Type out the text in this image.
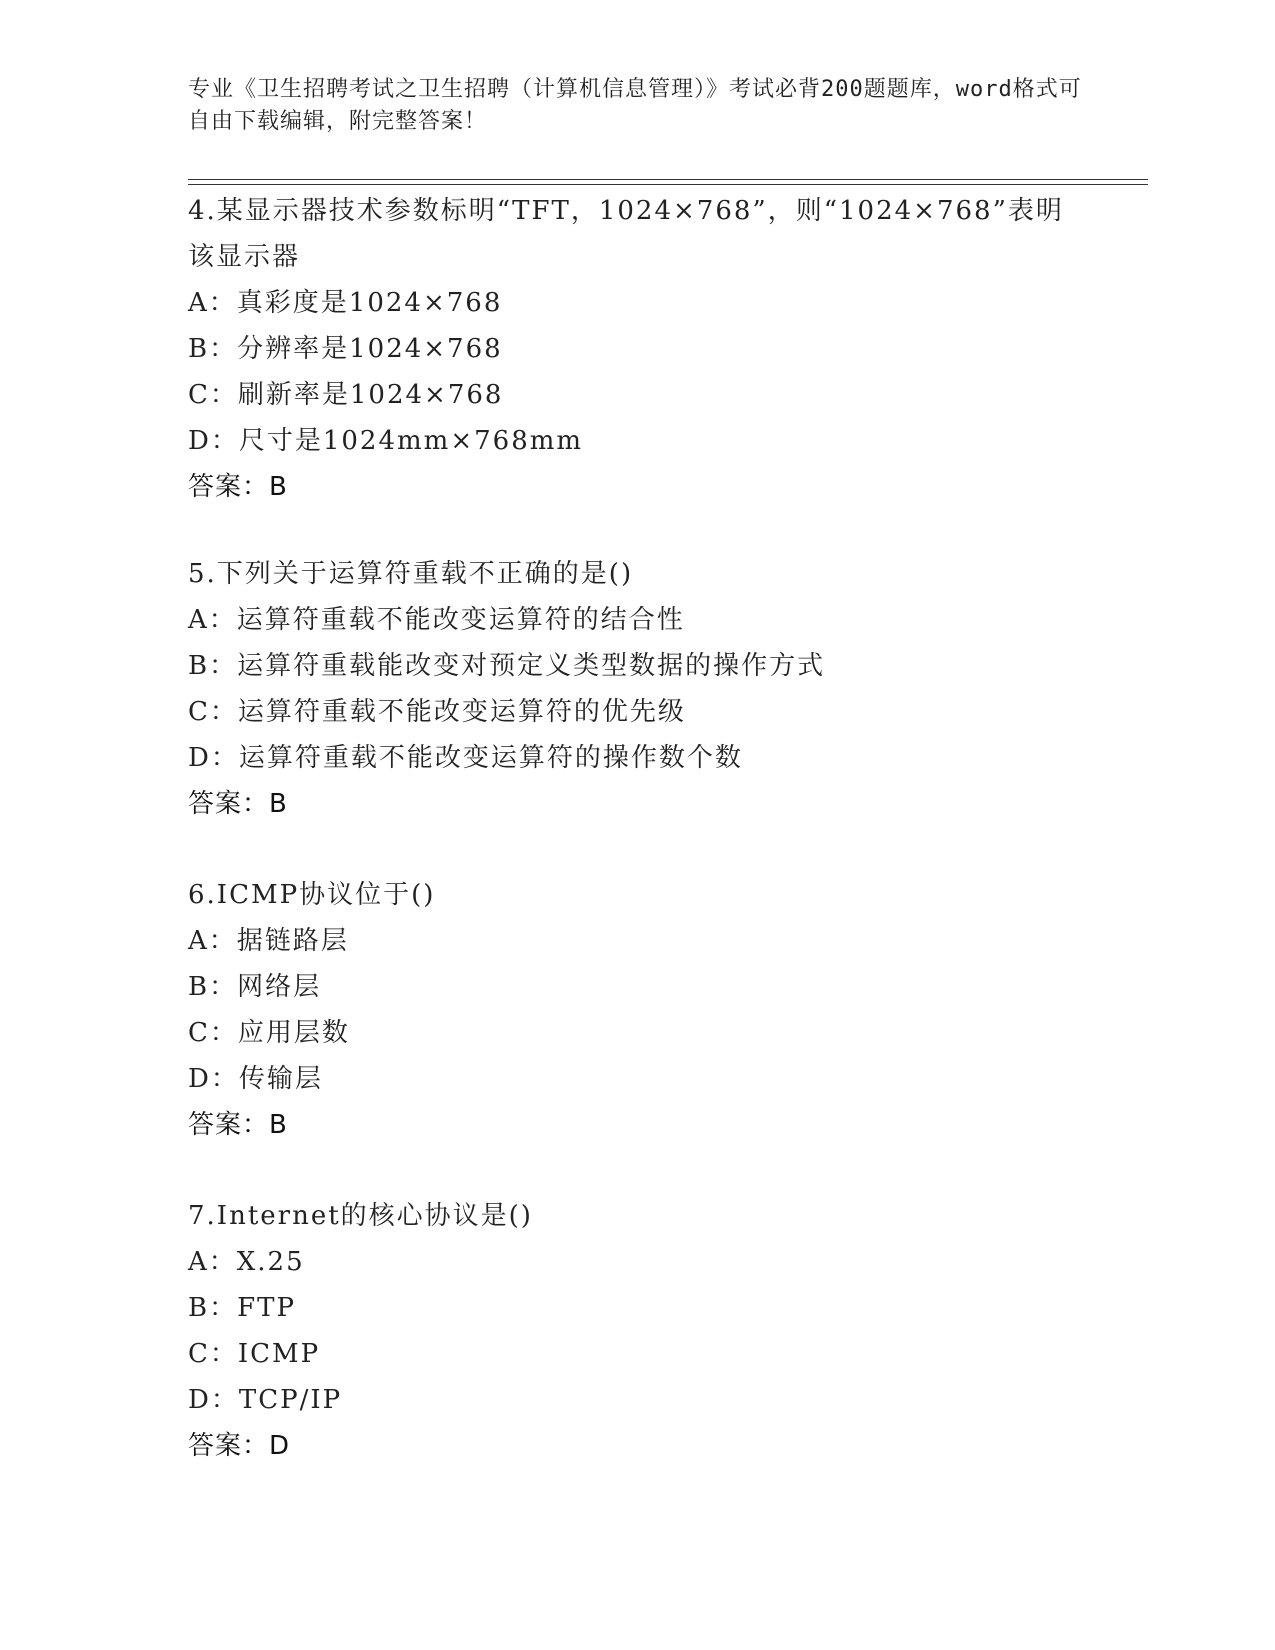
专业《卫生招聘考试之卫生招聘（计算机信息管理）》考试必背200题题库，word格式可自由下载编辑，附完整答案！
4.某显示器技术参数标明“TFT，1024×768”，则“1024×768”表明该显示器
A：真彩度是1024×768
B：分辨率是1024×768
C：刷新率是1024×768
D：尺寸是1024mm×768mm
答案：B
5.下列关于运算符重载不正确的是()
A：运算符重载不能改变运算符的结合性
B：运算符重载能改变对预定义类型数据的操作方式
C：运算符重载不能改变运算符的优先级
D：运算符重载不能改变运算符的操作数个数
答案：B
6.ICMP协议位于()
A：据链路层
B：网络层
C：应用层数
D：传输层
答案：B
7.Internet的核心协议是()
A：X.25
B：FTP
C：ICMP
D：TCP/IP
答案：D
